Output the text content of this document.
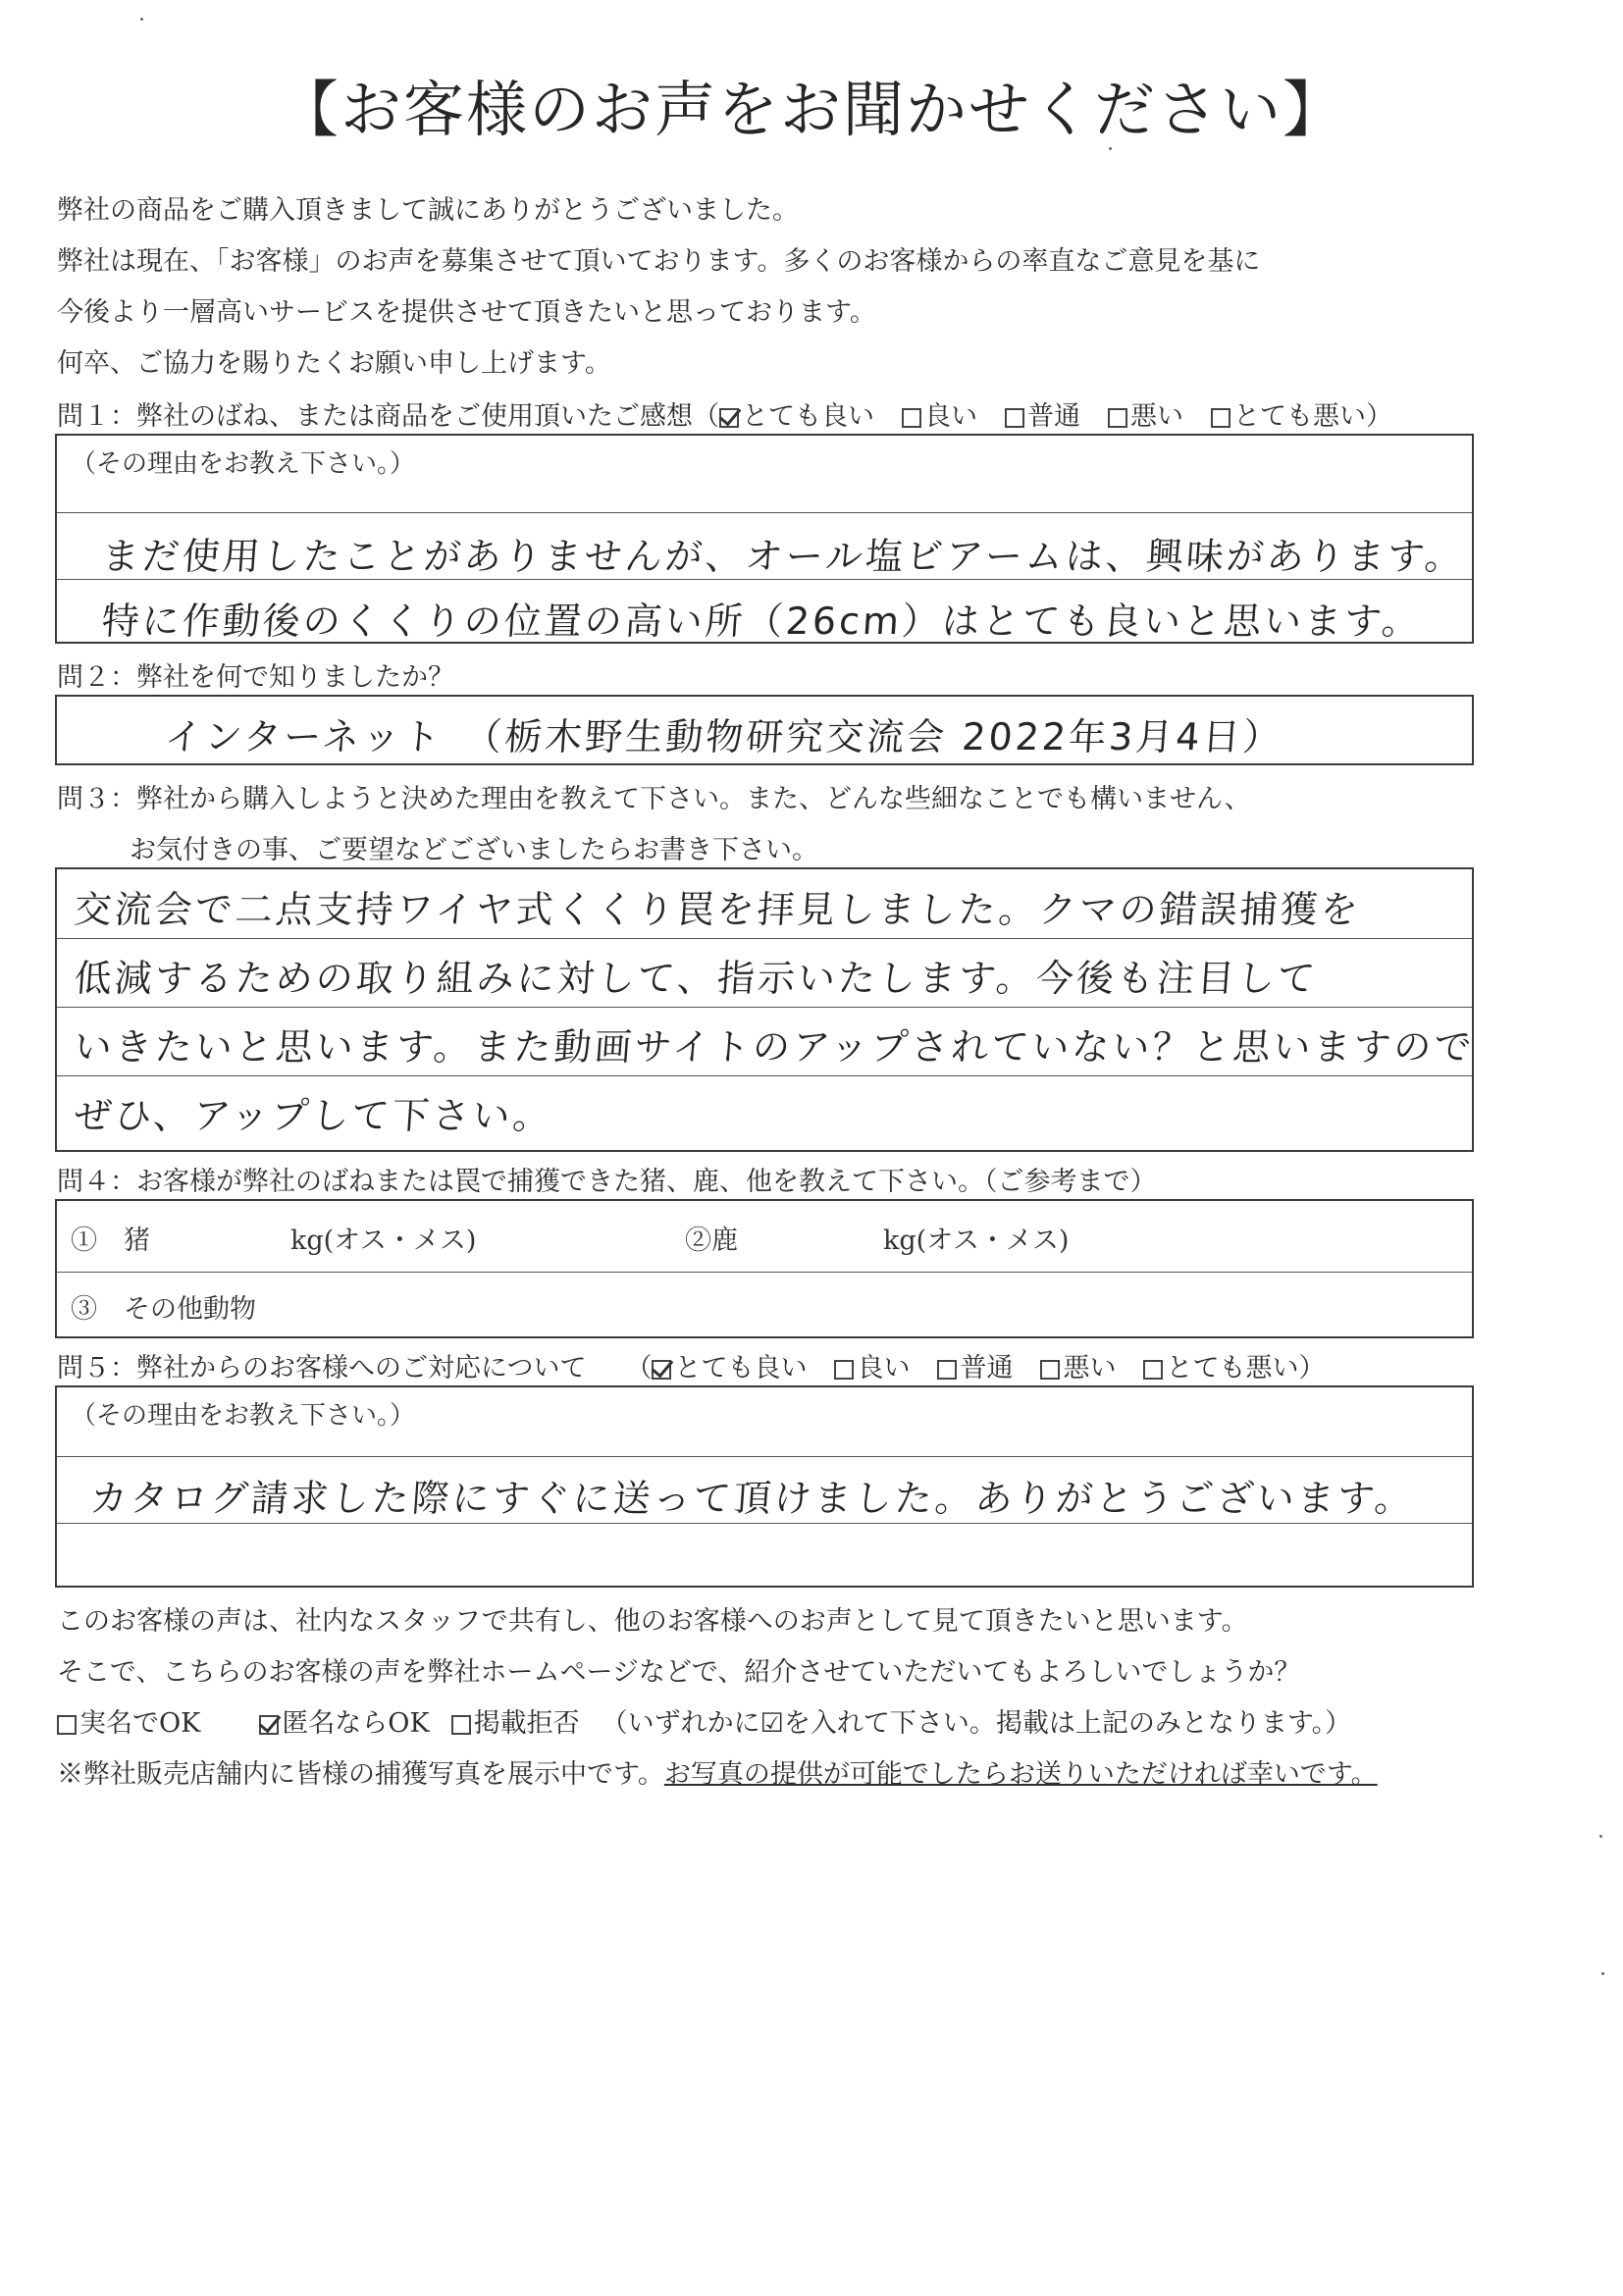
【お客様のお声をお聞かせください】
弊社の商品をご購入頂きまして誠にありがとうございました。
弊社は現在、「お客様」のお声を募集させて頂いております。多くのお客様からの率直なご意見を基に
今後より一層高いサービスを提供させて頂きたいと思っております。
何卒、ご協力を賜りたくお願い申し上げます。
問１：弊社のばね、または商品をご使用頂いたご感想（ とても良い 良い 普通 悪い とても悪い）
（その理由をお教え下さい。）
まだ使用したことがありませんが、オール塩ビアームは、興味があります。
特に作動後のくくりの位置の高い所（26cm）はとても良いと思います。
問２：弊社を何で知りましたか？
インターネット　（栃木野生動物研究交流会 2022年3月4日）
問３：弊社から購入しようと決めた理由を教えて下さい。また、どんな些細なことでも構いません、
お気付きの事、ご要望などございましたらお書き下さい。
交流会で二点支持ワイヤ式くくり罠を拝見しました。クマの錯誤捕獲を
低減するための取り組みに対して、指示いたします。今後も注目して
いきたいと思います。また動画サイトのアップされていない？と思いますので
ぜひ、アップして下さい。
問４：お客様が弊社のばねまたは罠で捕獲できた猪、鹿、他を教えて下さい。（ご参考まで）
①　猪	kg(オス・メス)	②鹿	kg(オス・メス)
③　その他動物
問５：弊社からのお客様へのご対応について （ とても良い 良い 普通 悪い とても悪い）
（その理由をお教え下さい。）
カタログ請求した際にすぐに送って頂けました。ありがとうございます。
このお客様の声は、社内なスタッフで共有し、他のお客様へのお声として見て頂きたいと思います。
そこで、こちらのお客様の声を弊社ホームページなどで、紹介させていただいてもよろしいでしょうか？
実名でOK	匿名ならOK 掲載拒否 （いずれかに☑を入れて下さい。掲載は上記のみとなります。）
※弊社販売店舗内に皆様の捕獲写真を展示中です。お写真の提供が可能でしたらお送りいただければ幸いです。
